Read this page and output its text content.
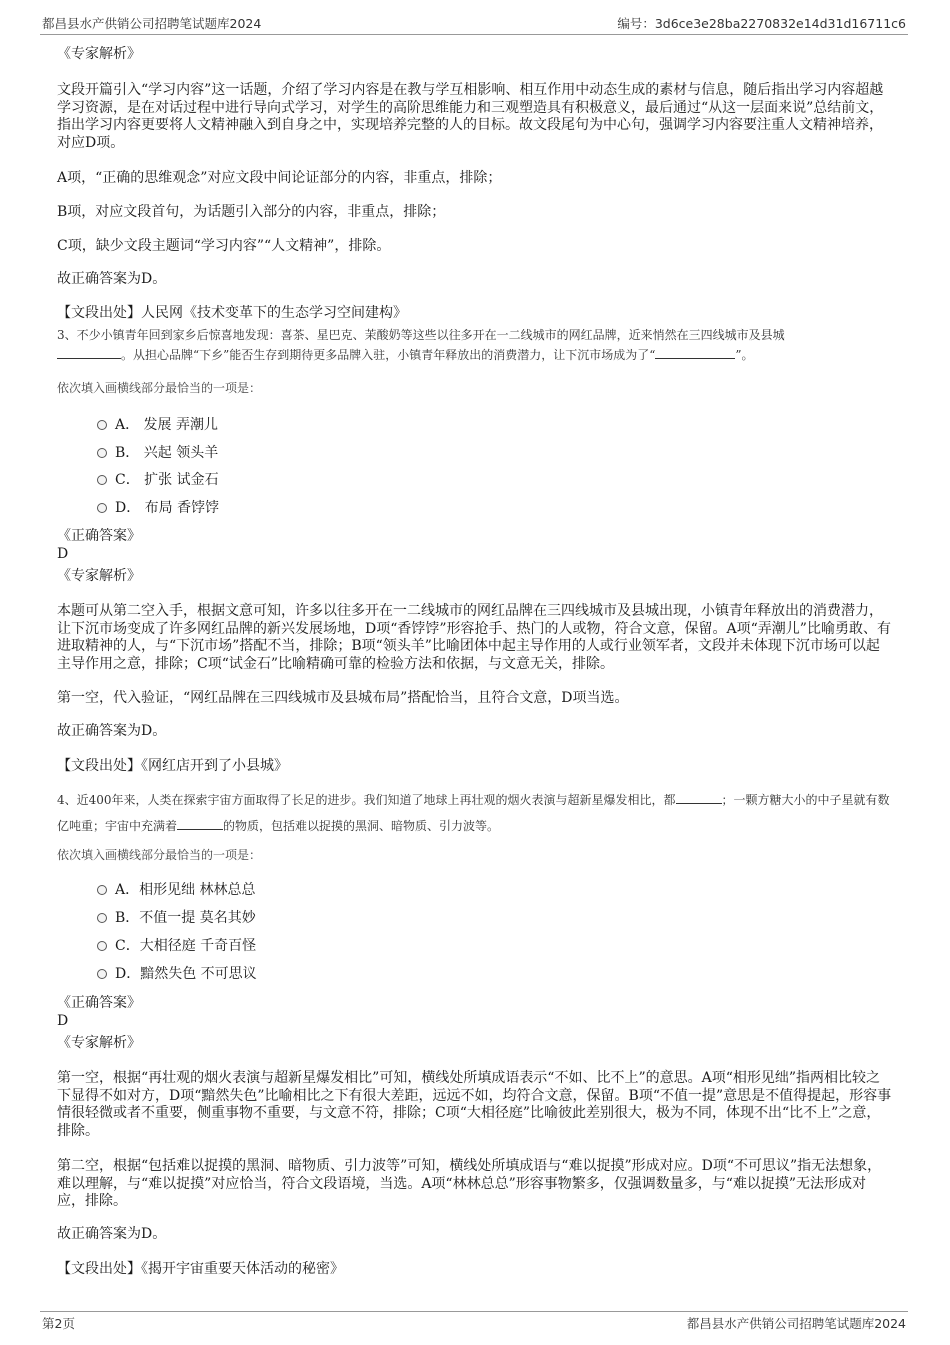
都昌县水产供销公司招聘笔试题库2024	编号：3d6ce3e28ba2270832e14d31d16711c6
《专家解析》
文段开篇引入“学习内容”这一话题，介绍了学习内容是在教与学互相影响、相互作用中动态生成的素材与信息，随后指出学习内容超越学习资源，是在对话过程中进行导向式学习，对学生的高阶思维能力和三观塑造具有积极意义，最后通过“从这一层面来说”总结前文，指出学习内容更要将人文精神融入到自身之中，实现培养完整的人的目标。故文段尾句为中心句，强调学习内容要注重人文精神培养，对应D项。
A项，“正确的思维观念”对应文段中间论证部分的内容，非重点，排除；
B项，对应文段首句，为话题引入部分的内容，非重点，排除；
C项，缺少文段主题词“学习内容”“人文精神”，排除。
故正确答案为D。
【文段出处】人民网《技术变革下的生态学习空间建构》
3、不少小镇青年回到家乡后惊喜地发现：喜茶、星巴克、茉酸奶等这些以往多开在一二线城市的网红品牌，近来悄然在三四线城市及县城
。从担心品牌“下乡”能否生存到期待更多品牌入驻，小镇青年释放出的消费潜力，让下沉市场成为了“	”。
依次填入画横线部分最恰当的一项是：
A． 发展 弄潮儿
B． 兴起 领头羊
C． 扩张 试金石
D． 布局 香饽饽
《正确答案》
D
《专家解析》
本题可从第二空入手，根据文意可知，许多以往多开在一二线城市的网红品牌在三四线城市及县城出现，小镇青年释放出的消费潜力，让下沉市场变成了许多网红品牌的新兴发展场地，D项“香饽饽”形容抢手、热门的人或物，符合文意，保留。A项“弄潮儿”比喻勇敢、有进取精神的人，与“下沉市场”搭配不当，排除；B项“领头羊”比喻团体中起主导作用的人或行业领军者，文段并未体现下沉市场可以起主导作用之意，排除；C项“试金石”比喻精确可靠的检验方法和依据，与文意无关，排除。
第一空，代入验证，“网红品牌在三四线城市及县城布局”搭配恰当，且符合文意，D项当选。
故正确答案为D。
【文段出处】《网红店开到了小县城》
4、近400年来，人类在探索宇宙方面取得了长足的进步。我们知道了地球上再壮观的烟火表演与超新星爆发相比，都	；一颗方糖大小的中子星就有数亿吨重；宇宙中充满着	的物质，包括难以捉摸的黑洞、暗物质、引力波等。
依次填入画横线部分最恰当的一项是：
A．相形见绌 林林总总
B．不值一提 莫名其妙
C．大相径庭 千奇百怪
D．黯然失色 不可思议
《正确答案》
D
《专家解析》
第一空，根据“再壮观的烟火表演与超新星爆发相比”可知，横线处所填成语表示“不如、比不上”的意思。A项“相形见绌”指两相比较之下显得不如对方，D项“黯然失色”比喻相比之下有很大差距，远远不如，均符合文意，保留。B项“不值一提”意思是不值得提起，形容事情很轻微或者不重要，侧重事物不重要，与文意不符，排除；C项“大相径庭”比喻彼此差别很大，极为不同，体现不出“比不上”之意，排除。
第二空，根据“包括难以捉摸的黑洞、暗物质、引力波等”可知，横线处所填成语与“难以捉摸”形成对应。D项“不可思议”指无法想象，难以理解，与“难以捉摸”对应恰当，符合文段语境，当选。A项“林林总总”形容事物繁多，仅强调数量多，与“难以捉摸”无法形成对应，排除。
故正确答案为D。
【文段出处】《揭开宇宙重要天体活动的秘密》
第2页	都昌县水产供销公司招聘笔试题库2024
